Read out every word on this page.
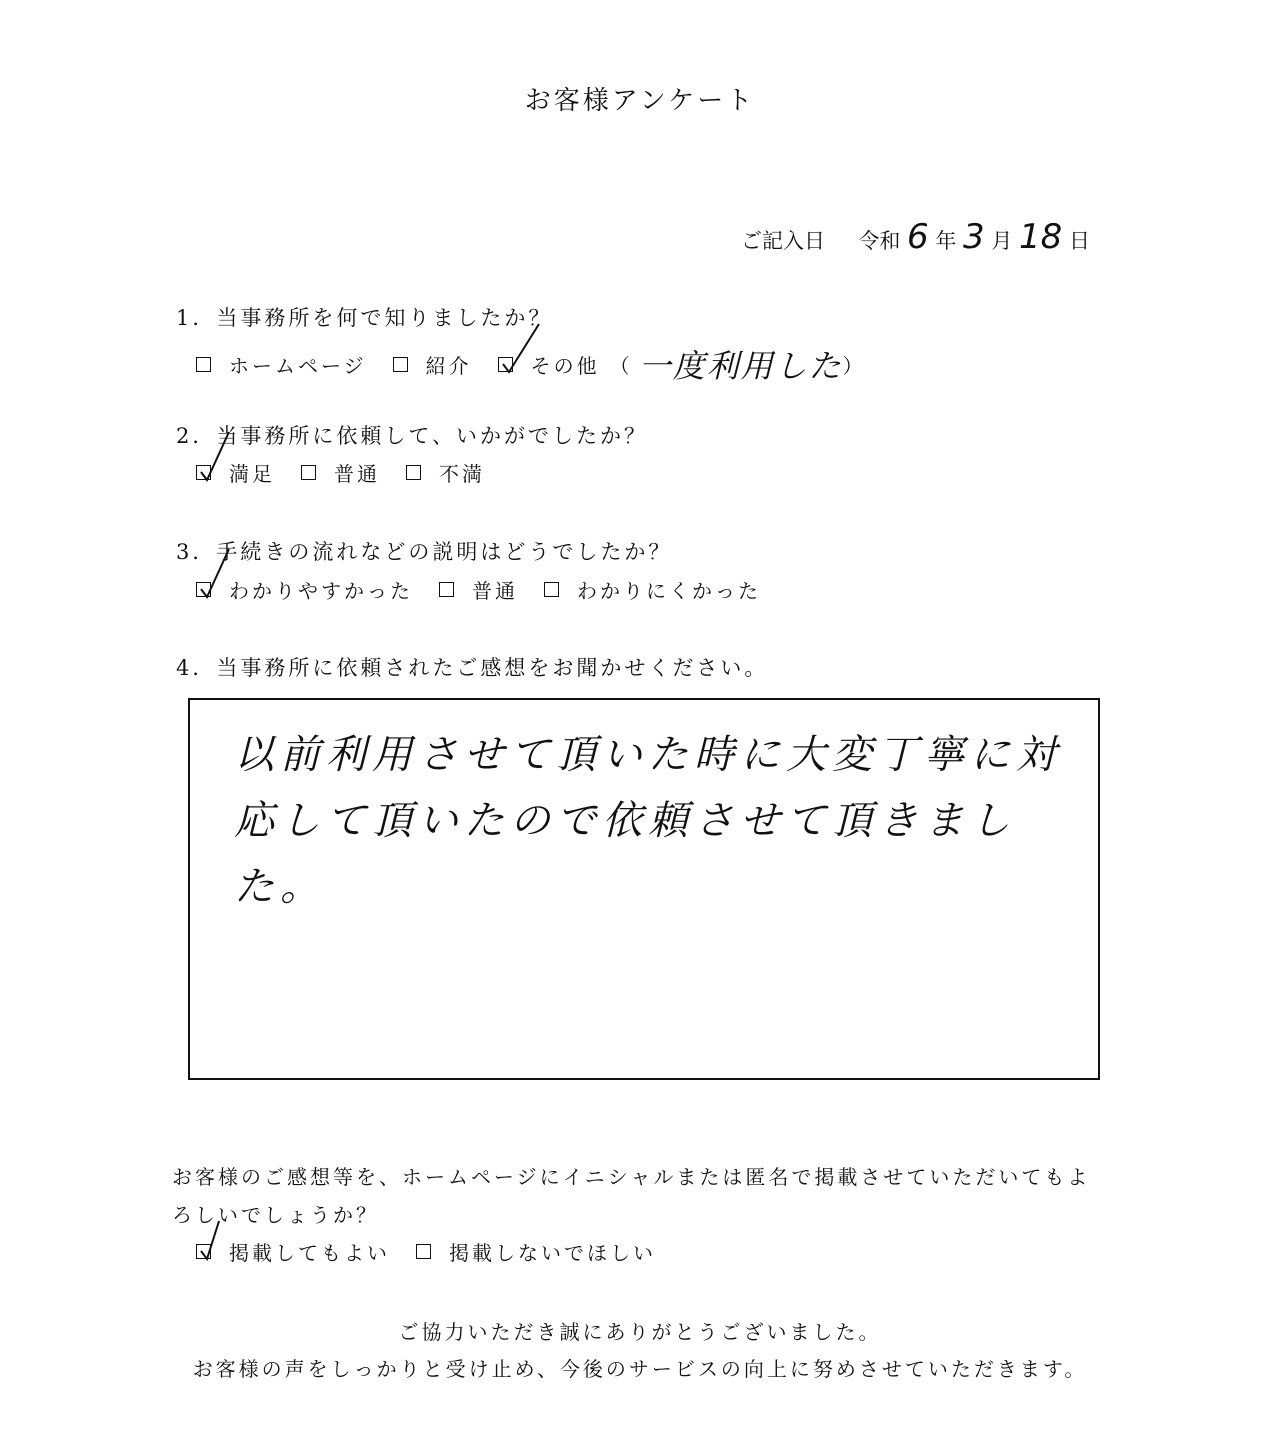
お客様アンケート
ご記入日 令和 6 年 3 月 18 日
1．当事務所を何で知りましたか？
ホームページ	紹介	その他 （ 一度利用した ）
2．当事務所に依頼して、いかがでしたか？
満足	普通	不満
3．手続きの流れなどの説明はどうでしたか？
わかりやすかった	普通	わかりにくかった
4．当事務所に依頼されたご感想をお聞かせください。
以前利用させて頂いた時に大変丁寧に対応して頂いたので依頼させて頂きました。
お客様のご感想等を、ホームページにイニシャルまたは匿名で掲載させていただいてもよろしいでしょうか？
掲載してもよい	掲載しないでほしい
ご協力いただき誠にありがとうございました。
お客様の声をしっかりと受け止め、今後のサービスの向上に努めさせていただきます。
